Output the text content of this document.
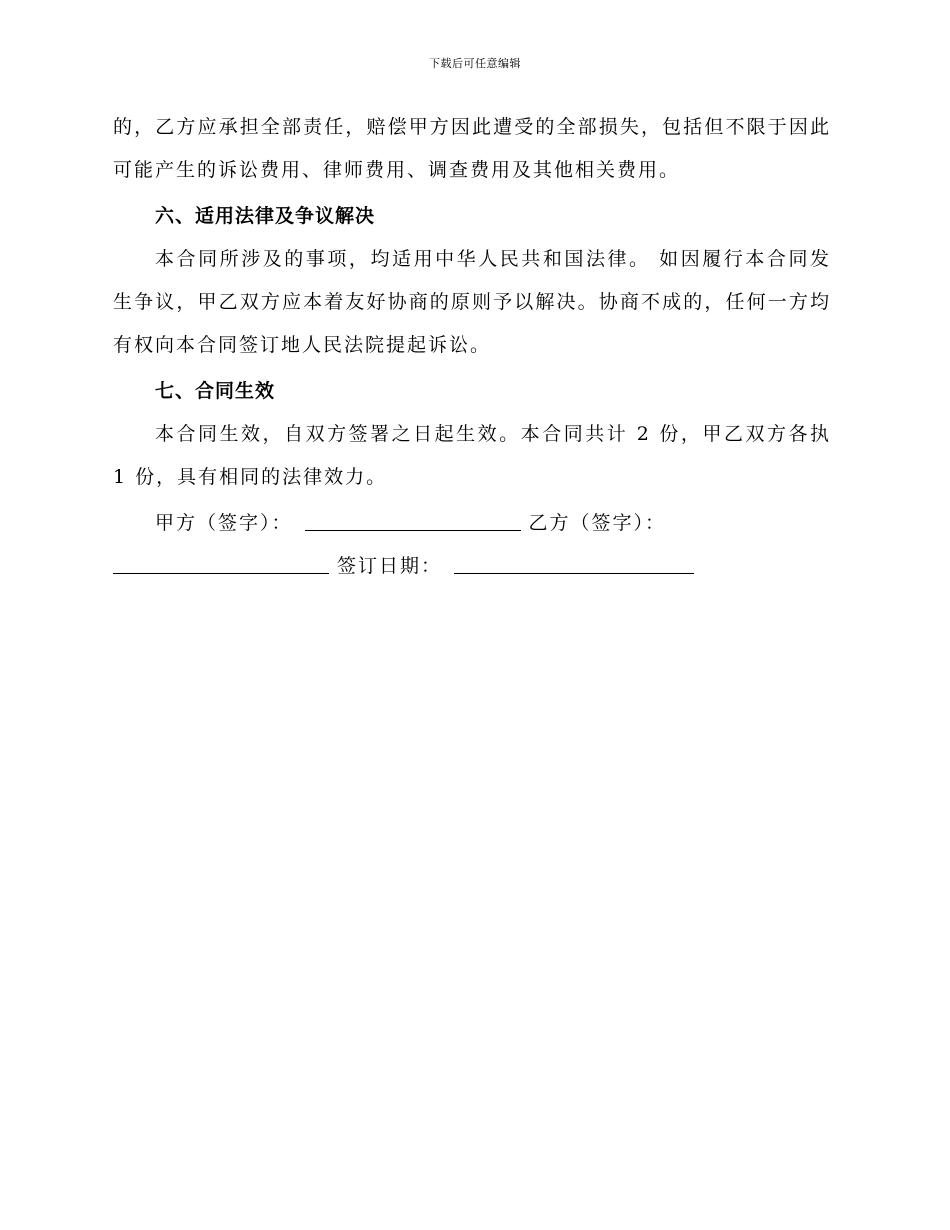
下载后可任意编辑

的，乙方应承担全部责任，赔偿甲方因此遭受的全部损失，包括但不限于因此可能产生的诉讼费用、律师费用、调查费用及其他相关费用。

六、适用法律及争议解决

本合同所涉及的事项，均适用中华人民共和国法律。 如因履行本合同发生争议，甲乙双方应本着友好协商的原则予以解决。协商不成的，任何一方均有权向本合同签订地人民法院提起诉讼。

七、合同生效

本合同生效，自双方签署之日起生效。本合同共计 2 份，甲乙双方各执 1 份，具有相同的法律效力。

甲方（签字）：	乙方（签字）：

签订日期：
